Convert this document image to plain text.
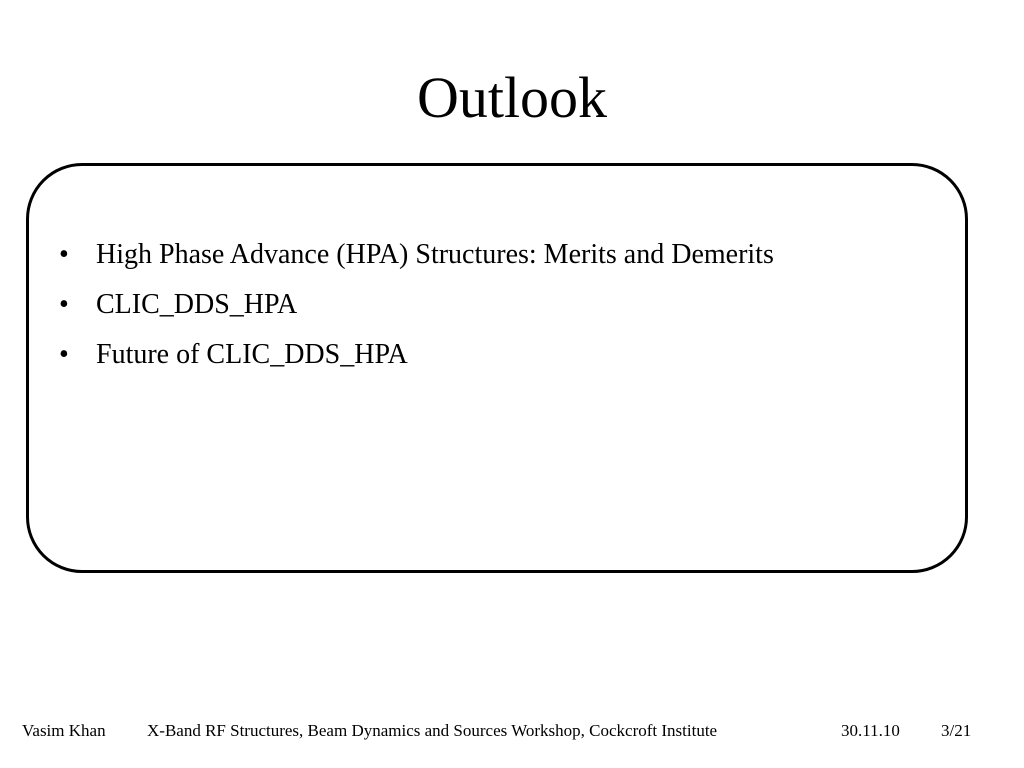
Outlook
• High Phase Advance (HPA) Structures: Merits and Demerits
• CLIC_DDS_HPA
• Future of CLIC_DDS_HPA
Vasim Khan X-Band RF Structures, Beam Dynamics and Sources Workshop, Cockcroft Institute	30.11.10 3/21
